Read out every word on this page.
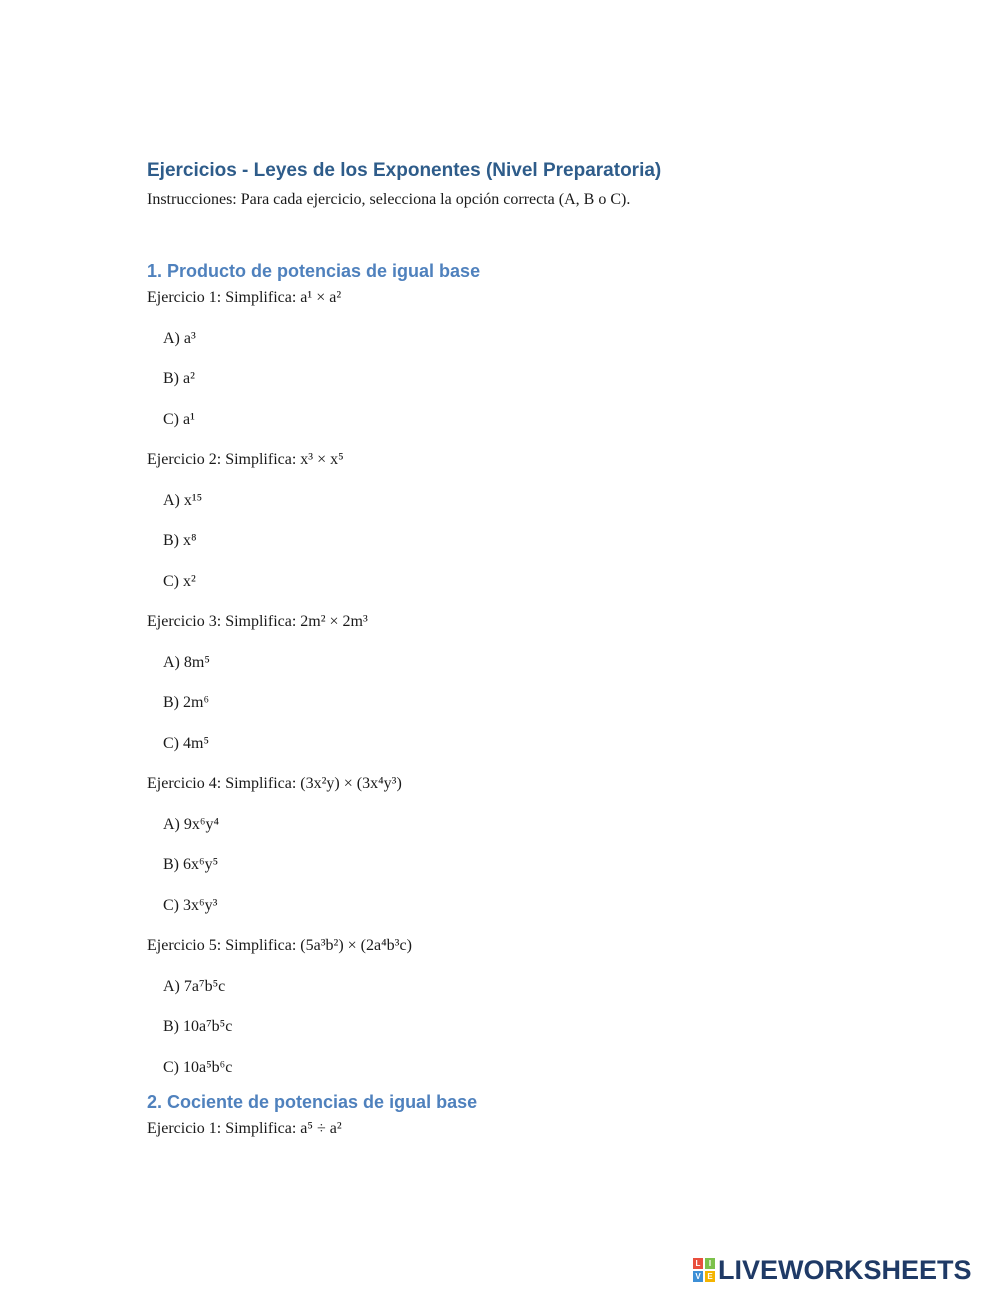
Ejercicios - Leyes de los Exponentes (Nivel Preparatoria)

Instrucciones: Para cada ejercicio, selecciona la opción correcta (A, B o C).

1. Producto de potencias de igual base

Ejercicio 1: Simplifica: a¹ × a²

A) a³

B) a²

C) a¹

Ejercicio 2: Simplifica: x³ × x⁵

A) x¹⁵

B) x⁸

C) x²

Ejercicio 3: Simplifica: 2m² × 2m³

A) 8m⁵

B) 2m⁶

C) 4m⁵

Ejercicio 4: Simplifica: (3x²y) × (3x⁴y³)

A) 9x⁶y⁴

B) 6x⁶y⁵

C) 3x⁶y³

Ejercicio 5: Simplifica: (5a³b²) × (2a⁴b³c)

A) 7a⁷b⁵c

B) 10a⁷b⁵c

C) 10a⁵b⁶c

2. Cociente de potencias de igual base

Ejercicio 1: Simplifica: a⁵ ÷ a²

L	I
V E LIVEWORKSHEETS
